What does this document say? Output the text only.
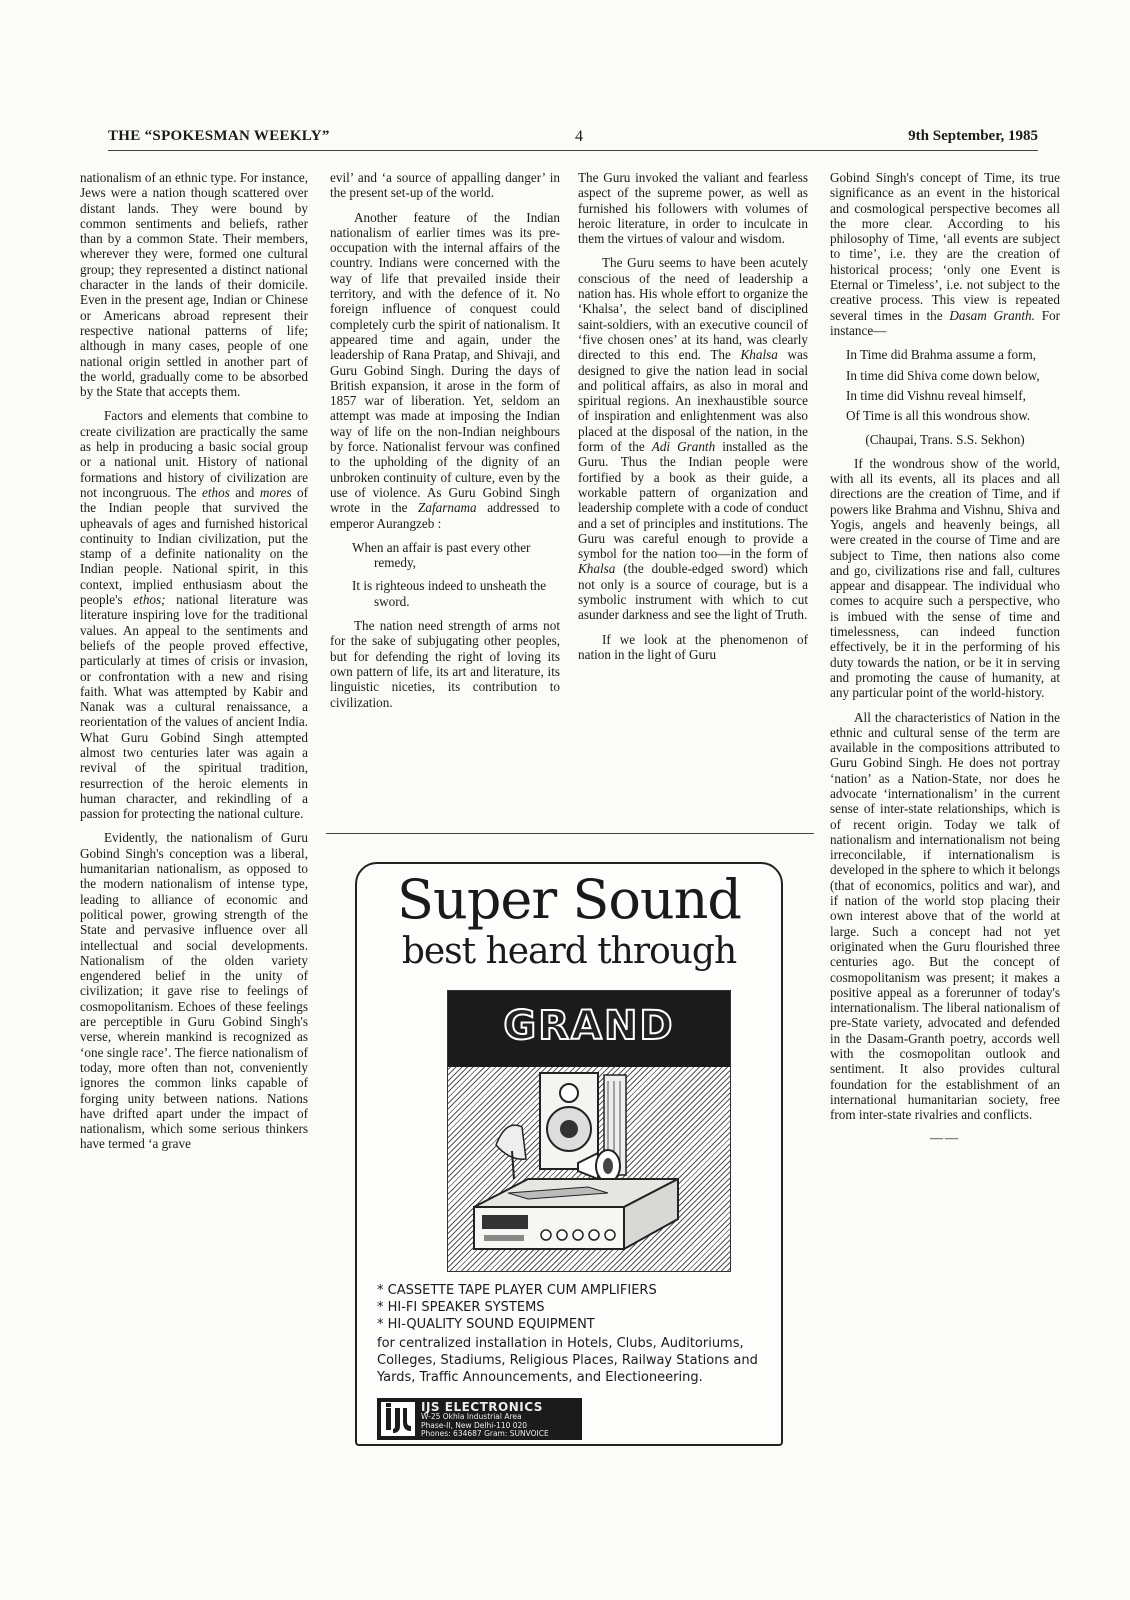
THE “SPOKESMAN WEEKLY”	4	9th September, 1985

nationalism of an ethnic type. For instance, Jews were a nation though scattered over distant lands. They were bound by common sentiments and beliefs, rather than by a common State. Their members, wherever they were, formed one cultural group; they represented a distinct national character in the lands of their domicile. Even in the present age, Indian or Chinese or Americans abroad represent their respective national patterns of life; although in many cases, people of one national origin settled in another part of the world, gradually come to be absorbed by the State that accepts them.

Factors and elements that combine to create civilization are practically the same as help in producing a basic social group or a national unit. History of national formations and history of civilization are not incongruous. The ethos and mores of the Indian people that survived the upheavals of ages and furnished historical continuity to Indian civilization, put the stamp of a definite nationality on the Indian people. National spirit, in this context, implied enthusiasm about the people's ethos; national literature was literature inspiring love for the traditional values. An appeal to the sentiments and beliefs of the people proved effective, particularly at times of crisis or invasion, or confrontation with a new and rising faith. What was attempted by Kabir and Nanak was a cultural renaissance, a reorientation of the values of ancient India. What Guru Gobind Singh attempted almost two centuries later was again a revival of the spiritual tradition, resurrection of the heroic elements in human character, and rekindling of a passion for protecting the national culture.

Evidently, the nationalism of Guru Gobind Singh's conception was a liberal, humanitarian nationalism, as opposed to the modern nationalism of intense type, leading to alliance of economic and political power, growing strength of the State and pervasive influence over all intellectual and social developments. Nationalism of the olden variety engendered belief in the unity of civilization; it gave rise to feelings of cosmopolitanism. Echoes of these feelings are perceptible in Guru Gobind Singh's verse, wherein mankind is recognized as ‘one single race’. The fierce nationalism of today, more often than not, conveniently ignores the common links capable of forging unity between nations. Nations have drifted apart under the impact of nationalism, which some serious thinkers have termed ‘a grave

evil’ and ‘a source of appalling danger’ in the present set-up of the world.

Another feature of the Indian nationalism of earlier times was its pre-occupation with the internal affairs of the country. Indians were concerned with the way of life that prevailed inside their territory, and with the defence of it. No foreign influence of conquest could completely curb the spirit of nationalism. It appeared time and again, under the leadership of Rana Pratap, and Shivaji, and Guru Gobind Singh. During the days of British expansion, it arose in the form of 1857 war of liberation. Yet, seldom an attempt was made at imposing the Indian way of life on the non-Indian neighbours by force. Nationalist fervour was confined to the upholding of the dignity of an unbroken continuity of culture, even by the use of violence. As Guru Gobind Singh wrote in the Zafarnama addressed to emperor Aurangzeb :

When an affair is past every other remedy,
It is righteous indeed to unsheath the sword.

The nation need strength of arms not for the sake of subjugating other peoples, but for defending the right of loving its own pattern of life, its art and literature, its linguistic niceties, its contribution to civilization.

The Guru invoked the valiant and fearless aspect of the supreme power, as well as furnished his followers with volumes of heroic literature, in order to inculcate in them the virtues of valour and wisdom.

The Guru seems to have been acutely conscious of the need of leadership a nation has. His whole effort to organize the ‘Khalsa’, the select band of disciplined saint-soldiers, with an executive council of ‘five chosen ones’ at its hand, was clearly directed to this end. The Khalsa was designed to give the nation lead in social and political affairs, as also in moral and spiritual regions. An inexhaustible source of inspiration and enlightenment was also placed at the disposal of the nation, in the form of the Adi Granth installed as the Guru. Thus the Indian people were fortified by a book as their guide, a workable pattern of organization and leadership complete with a code of conduct and a set of principles and institutions. The Guru was careful enough to provide a symbol for the nation too—in the form of Khalsa (the double-edged sword) which not only is a source of courage, but is a symbolic instrument with which to cut asunder darkness and see the light of Truth.

If we look at the phenomenon of nation in the light of Guru

Gobind Singh's concept of Time, its true significance as an event in the historical and cosmological perspective becomes all the more clear. According to his philosophy of Time, ‘all events are subject to time’, i.e. they are the creation of historical process; ‘only one Event is Eternal or Timeless’, i.e. not subject to the creative process. This view is repeated several times in the Dasam Granth. For instance—

In Time did Brahma assume a form,
In time did Shiva come down below,
In time did Vishnu reveal himself,
Of Time is all this wondrous show.
(Chaupai, Trans. S.S. Sekhon)

If the wondrous show of the world, with all its events, all its places and all directions are the creation of Time, and if powers like Brahma and Vishnu, Shiva and Yogis, angels and heavenly beings, all were created in the course of Time and are subject to Time, then nations also come and go, civilizations rise and fall, cultures appear and disappear. The individual who comes to acquire such a perspective, who is imbued with the sense of time and timelessness, can indeed function effectively, be it in the performing of his duty towards the nation, or be it in serving and promoting the cause of humanity, at any particular point of the world-history.

All the characteristics of Nation in the ethnic and cultural sense of the term are available in the compositions attributed to Guru Gobind Singh. He does not portray ‘nation’ as a Nation-State, nor does he advocate ‘internationalism’ in the current sense of inter-state relationships, which is of recent origin. Today we talk of nationalism and internationalism not being irreconcilable, if internationalism is developed in the sphere to which it belongs (that of economics, politics and war), and if nation of the world stop placing their own interest above that of the world at large. Such a concept had not yet originated when the Guru flourished three centuries ago. But the concept of cosmopolitanism was present; it makes a positive appeal as a forerunner of today's internationalism. The liberal nationalism of pre-State variety, advocated and defended in the Dasam-Granth poetry, accords well with the cosmopolitan outlook and sentiment. It also provides cultural foundation for the establishment of an international humanitarian society, free from inter-state rivalries and conflicts.

——
Super Sound
best heard through
GRAND
* CASSETTE TAPE PLAYER CUM AMPLIFIERS
* HI-FI SPEAKER SYSTEMS
* HI-QUALITY SOUND EQUIPMENT
for centralized installation in Hotels, Clubs, Auditoriums, Colleges, Stadiums, Religious Places, Railway Stations and Yards, Traffic Announcements, and Electioneering.
IJS ELECTRONICS
W-25 Okhla Industrial Area
Phase-II, New Delhi-110 020
Phones: 634687 Gram: SUNVOICE
